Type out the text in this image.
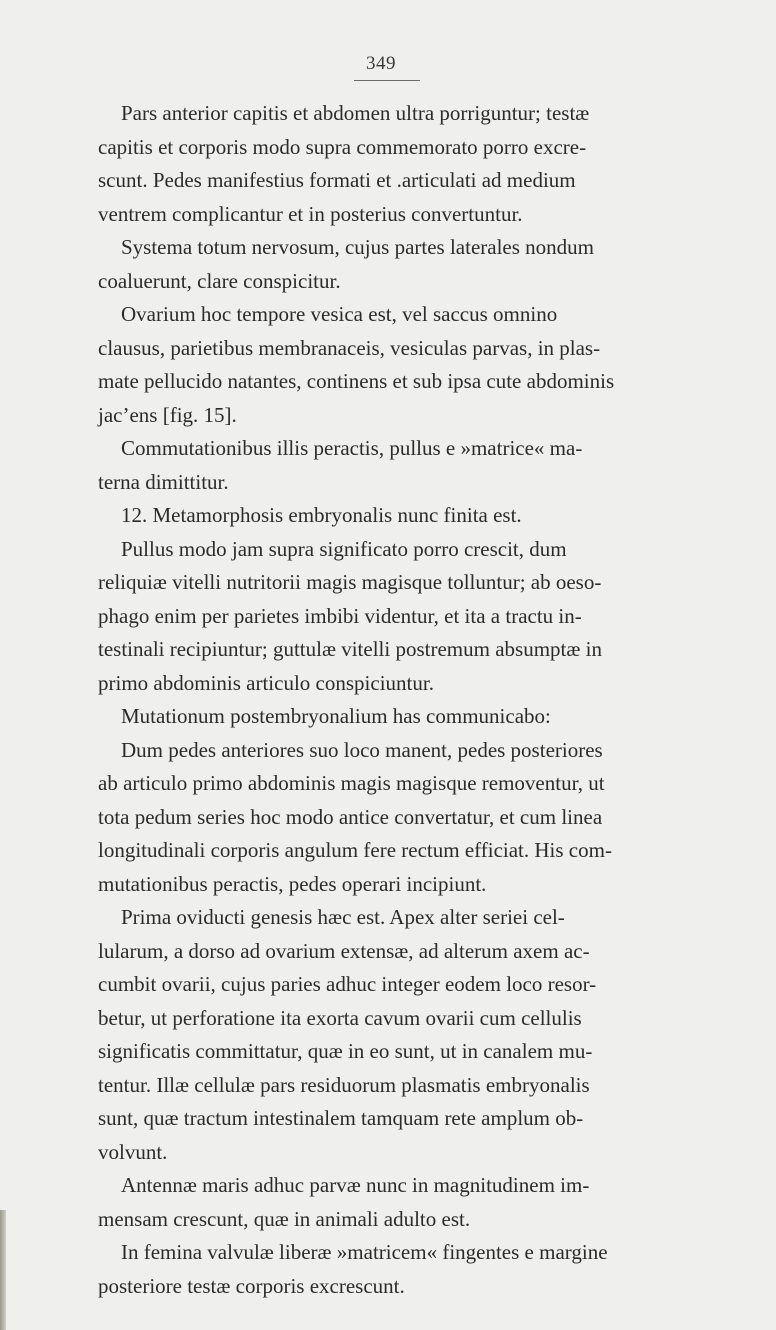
349

Pars anterior capitis et abdomen ultra porriguntur; testæ
capitis et corporis modo supra commemorato porro excre-
scunt. Pedes manifestius formati et .articulati ad medium
ventrem complicantur et in posterius convertuntur.

Systema totum nervosum, cujus partes laterales nondum
coaluerunt, clare conspicitur.

Ovarium hoc tempore vesica est, vel saccus omnino
clausus, parietibus membranaceis, vesiculas parvas, in plas-
mate pellucido natantes, continens et sub ipsa cute abdominis
jac’ens [fig. 15].

Commutationibus illis peractis, pullus e »matrice« ma-
terna dimittitur.

12. Metamorphosis embryonalis nunc finita est.

Pullus modo jam supra significato porro crescit, dum
reliquiæ vitelli nutritorii magis magisque tolluntur; ab oeso-
phago enim per parietes imbibi videntur, et ita a tractu in-
testinali recipiuntur; guttulæ vitelli postremum absumptæ in
primo abdominis articulo conspiciuntur.

Mutationum postembryonalium has communicabo:

Dum pedes anteriores suo loco manent, pedes posteriores
ab articulo primo abdominis magis magisque removentur, ut
tota pedum series hoc modo antice convertatur, et cum linea
longitudinali corporis angulum fere rectum efficiat. His com-
mutationibus peractis, pedes operari incipiunt.

Prima oviducti genesis hæc est. Apex alter seriei cel-
lularum, a dorso ad ovarium extensæ, ad alterum axem ac-
cumbit ovarii, cujus paries adhuc integer eodem loco resor-
betur, ut perforatione ita exorta cavum ovarii cum cellulis
significatis committatur, quæ in eo sunt, ut in canalem mu-
tentur. Illæ cellulæ pars residuorum plasmatis embryonalis
sunt, quæ tractum intestinalem tamquam rete amplum ob-
volvunt.

Antennæ maris adhuc parvæ nunc in magnitudinem im-
mensam crescunt, quæ in animali adulto est.

In femina valvulæ liberæ »matricem« fingentes e margine
posteriore testæ corporis excrescunt.
